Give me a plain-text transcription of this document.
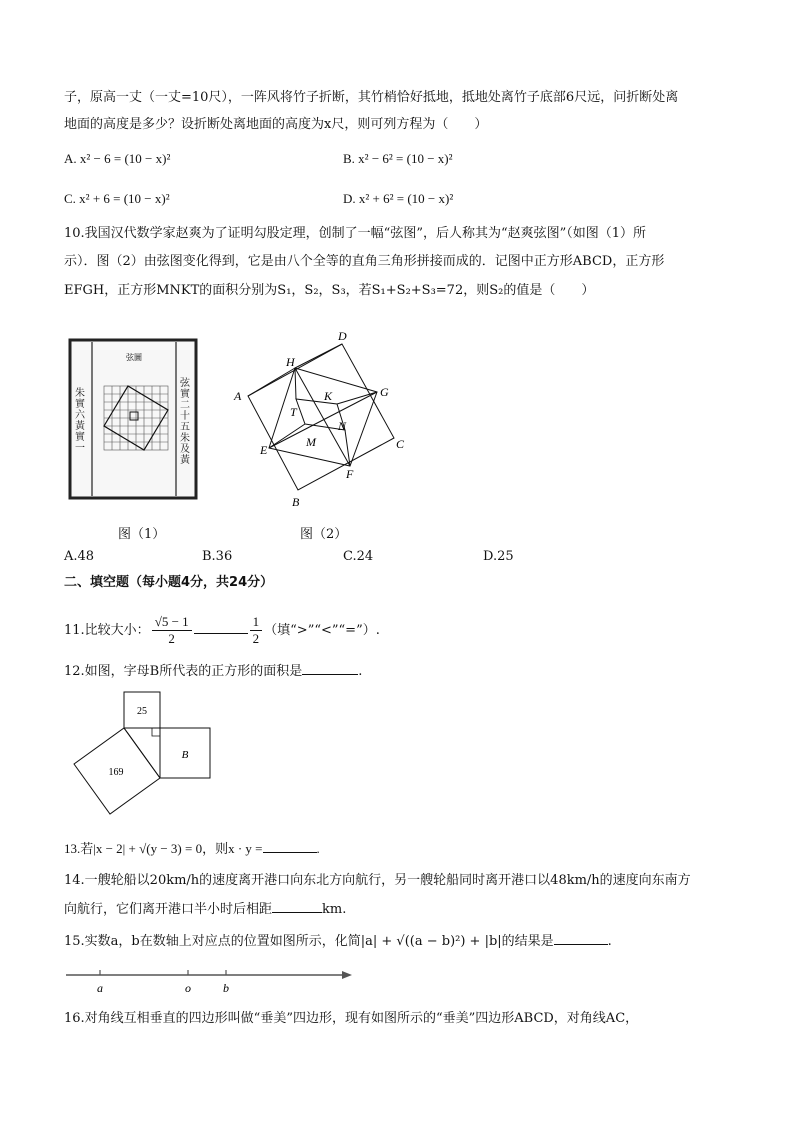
子，原高一丈（一丈=10尺），一阵风将竹子折断，其竹梢恰好抵地，抵地处离竹子底部6尺远，问折断处离
地面的高度是多少？设折断处离地面的高度为x尺，则可列方程为（　　）
A. x² − 6 = (10 − x)²	B. x² − 6² = (10 − x)²
C. x² + 6 = (10 − x)²	D. x² + 6² = (10 − x)²
10.我国汉代数学家赵爽为了证明勾股定理，创制了一幅“弦图”，后人称其为“赵爽弦图”（如图（1）所
示）．图（2）由弦图变化得到，它是由八个全等的直角三角形拼接而成的．记图中正方形ABCD，正方形
EFGH，正方形MNKT的面积分别为S₁，S₂，S₃，若S₁+S₂+S₃=72，则S₂的值是（　　）
弦圖
朱實六黃實一
弦實二十五朱及黃
图（1）
D
H
G
A	K
T
N
M
E	C
F
B
图（2）
A.48	B.36	C.24	D.25
二、填空题（每小题4分，共24分）
11.比较大小： $\frac{√5 - 1}{2}$	$\frac{1}{2}$ （填“>”“<”“=”）.
12.如图，字母B所代表的正方形的面积是	.
25
169
B
13.若|x − 2| + √(y − 3) = 0，则x · y =	.
14.一艘轮船以20km/h的速度离开港口向东北方向航行，另一艘轮船同时离开港口以48km/h的速度向东南方
向航行，它们离开港口半小时后相距	km.
15.实数a，b在数轴上对应点的位置如图所示，化简|a| + √((a − b)²) + |b|的结果是	.
a	o	b
16.对角线互相垂直的四边形叫做“垂美”四边形，现有如图所示的“垂美”四边形ABCD，对角线AC，
